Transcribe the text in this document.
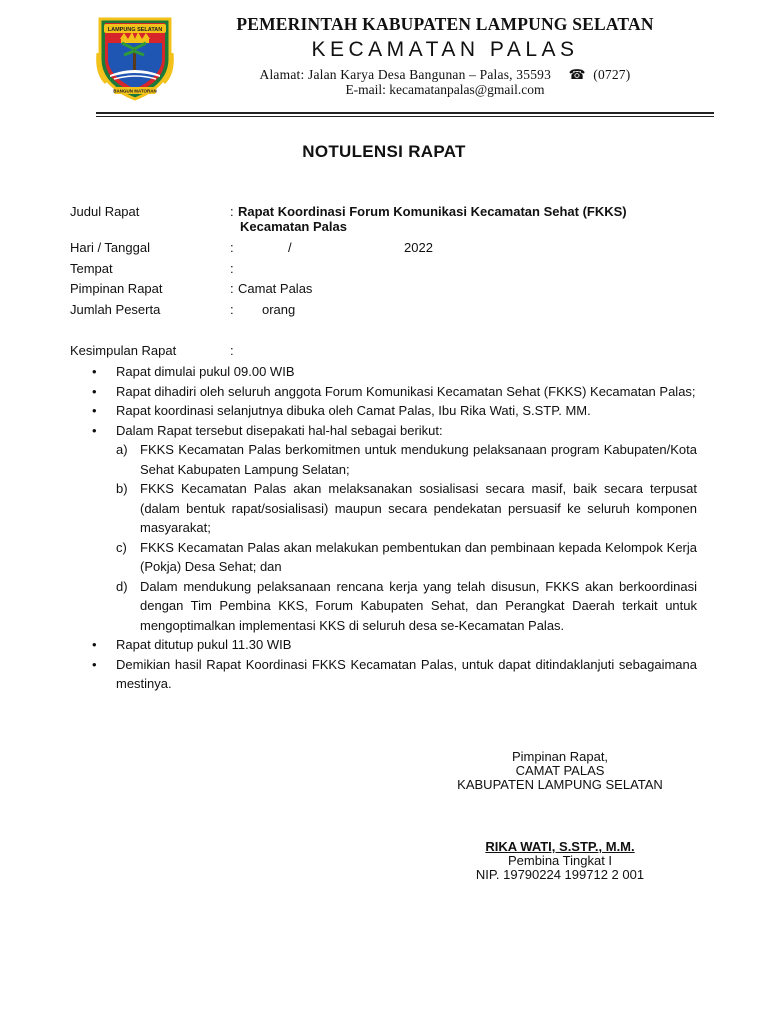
LAMPUNG SELATAN
BANGUN MATORAN
PEMERINTAH KABUPATEN LAMPUNG SELATAN
KECAMATAN PALAS
Alamat: Jalan Karya Desa Bangunan – Palas, 35593 ☎ (0727)
E-mail: kecamatanpalas@gmail.com
NOTULENSI RAPAT
Judul Rapat	: Rapat Koordinasi Forum Komunikasi Kecamatan Sehat (FKKS)
Kecamatan Palas
Hari / Tanggal	:	/	2022
Tempat	:
Pimpinan Rapat	: Camat Palas
Jumlah Peserta	: orang
Kesimpulan Rapat	:
• Rapat dimulai pukul 09.00 WIB
• Rapat dihadiri oleh seluruh anggota Forum Komunikasi Kecamatan Sehat (FKKS) Kecamatan Palas;
• Rapat koordinasi selanjutnya dibuka oleh Camat Palas, Ibu Rika Wati, S.STP. MM.
• Dalam Rapat tersebut disepakati hal-hal sebagai berikut:
a) FKKS Kecamatan Palas berkomitmen untuk mendukung pelaksanaan program Kabupaten/Kota Sehat Kabupaten Lampung Selatan;
b) FKKS Kecamatan Palas akan melaksanakan sosialisasi secara masif, baik secara terpusat (dalam bentuk rapat/sosialisasi) maupun secara pendekatan persuasif ke seluruh komponen masyarakat;
c) FKKS Kecamatan Palas akan melakukan pembentukan dan pembinaan kepada Kelompok Kerja (Pokja) Desa Sehat; dan
d) Dalam mendukung pelaksanaan rencana kerja yang telah disusun, FKKS akan berkoordinasi dengan Tim Pembina KKS, Forum Kabupaten Sehat, dan Perangkat Daerah terkait untuk mengoptimalkan implementasi KKS di seluruh desa se-Kecamatan Palas.
• Rapat ditutup pukul 11.30 WIB
• Demikian hasil Rapat Koordinasi FKKS Kecamatan Palas, untuk dapat ditindaklanjuti sebagaimana mestinya.
Pimpinan Rapat,
CAMAT PALAS
KABUPATEN LAMPUNG SELATAN
RIKA WATI, S.STP., M.M.
Pembina Tingkat I
NIP. 19790224 199712 2 001
